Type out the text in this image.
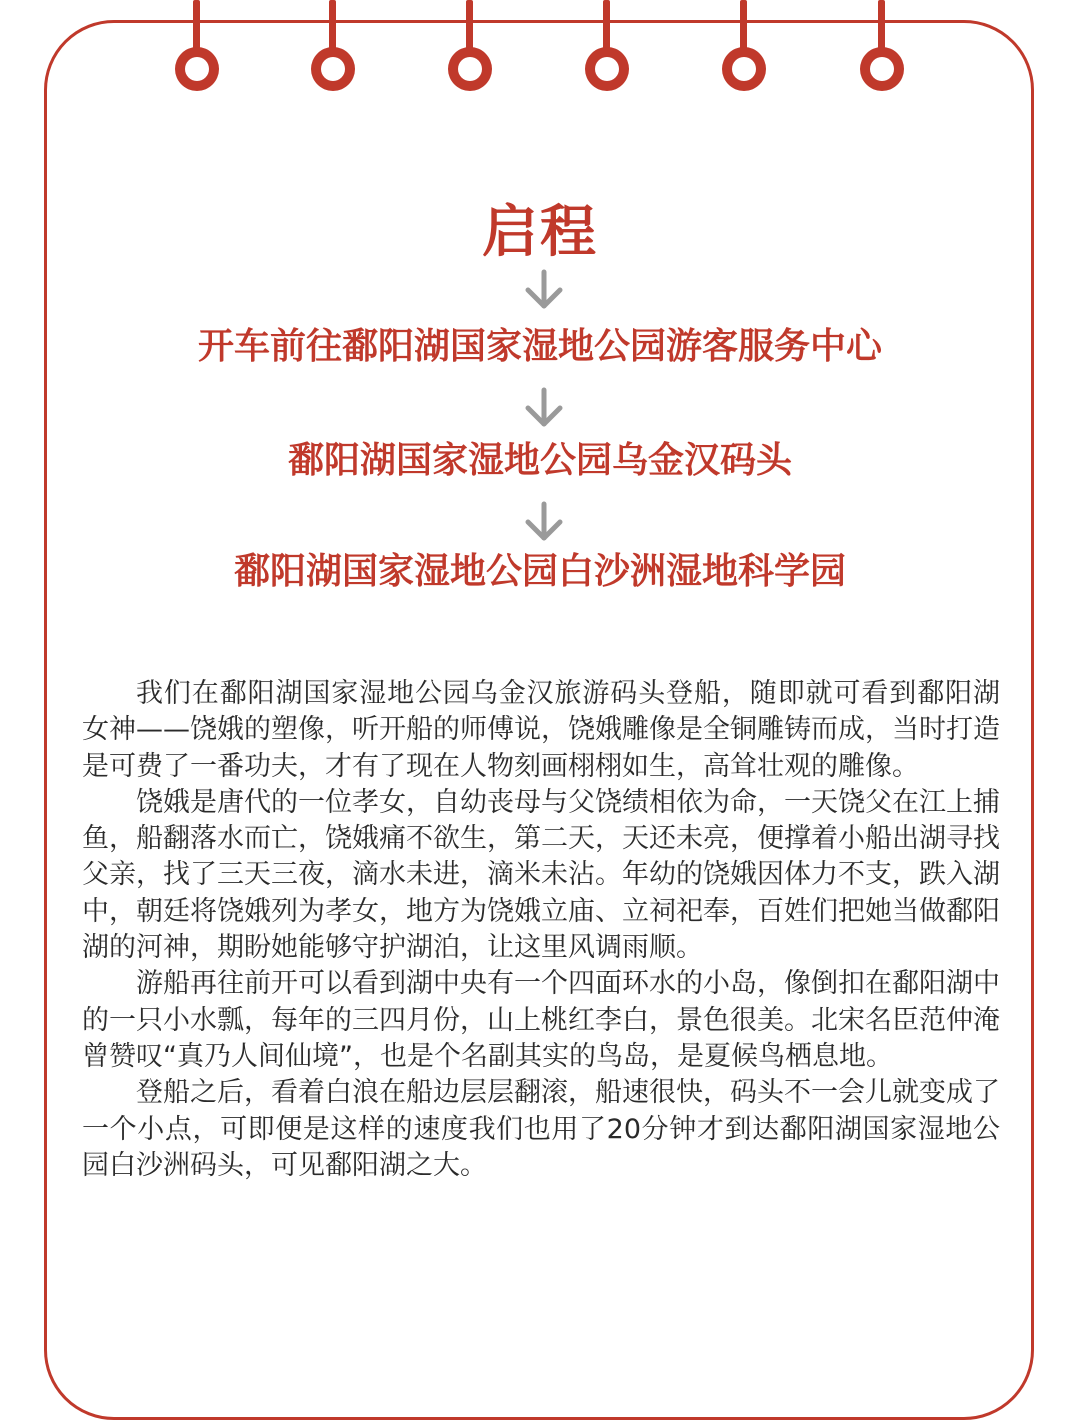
启程
开车前往鄱阳湖国家湿地公园游客服务中心
鄱阳湖国家湿地公园乌金汉码头
鄱阳湖国家湿地公园白沙洲湿地科学园

我们在鄱阳湖国家湿地公园乌金汉旅游码头登船，随即就可看到鄱阳湖 女神——饶娥的塑像，听开船的师傅说，饶娥雕像是全铜雕铸而成，当时打造是可费了一番功夫，才有了现在人物刻画栩栩如生，高耸壮观的雕像。

饶娥是唐代的一位孝女，自幼丧母与父饶绩相依为命，一天饶父在江上捕鱼，船翻落水而亡，饶娥痛不欲生，第二天，天还未亮，便撑着小船出湖寻找父亲，找了三天三夜，滴水未进，滴米未沾。年幼的饶娥因体力不支，跌入湖中，朝廷将饶娥列为孝女，地方为饶娥立庙、立祠祀奉，百姓们把她当做鄱阳湖的河神，期盼她能够守护湖泊，让这里风调雨顺。

游船再往前开可以看到湖中央有一个四面环水的小岛，像倒扣在鄱阳湖中的一只小水瓢，每年的三四月份，山上桃红李白，景色很美。北宋名臣范仲淹曾赞叹“真乃人间仙境”，也是个名副其实的鸟岛，是夏候鸟栖息地。

登船之后，看着白浪在船边层层翻滚，船速很快，码头不一会儿就变成了一个小点，可即便是这样的速度我们也用了20分钟才到达鄱阳湖国家湿地公园白沙洲码头，可见鄱阳湖之大。
